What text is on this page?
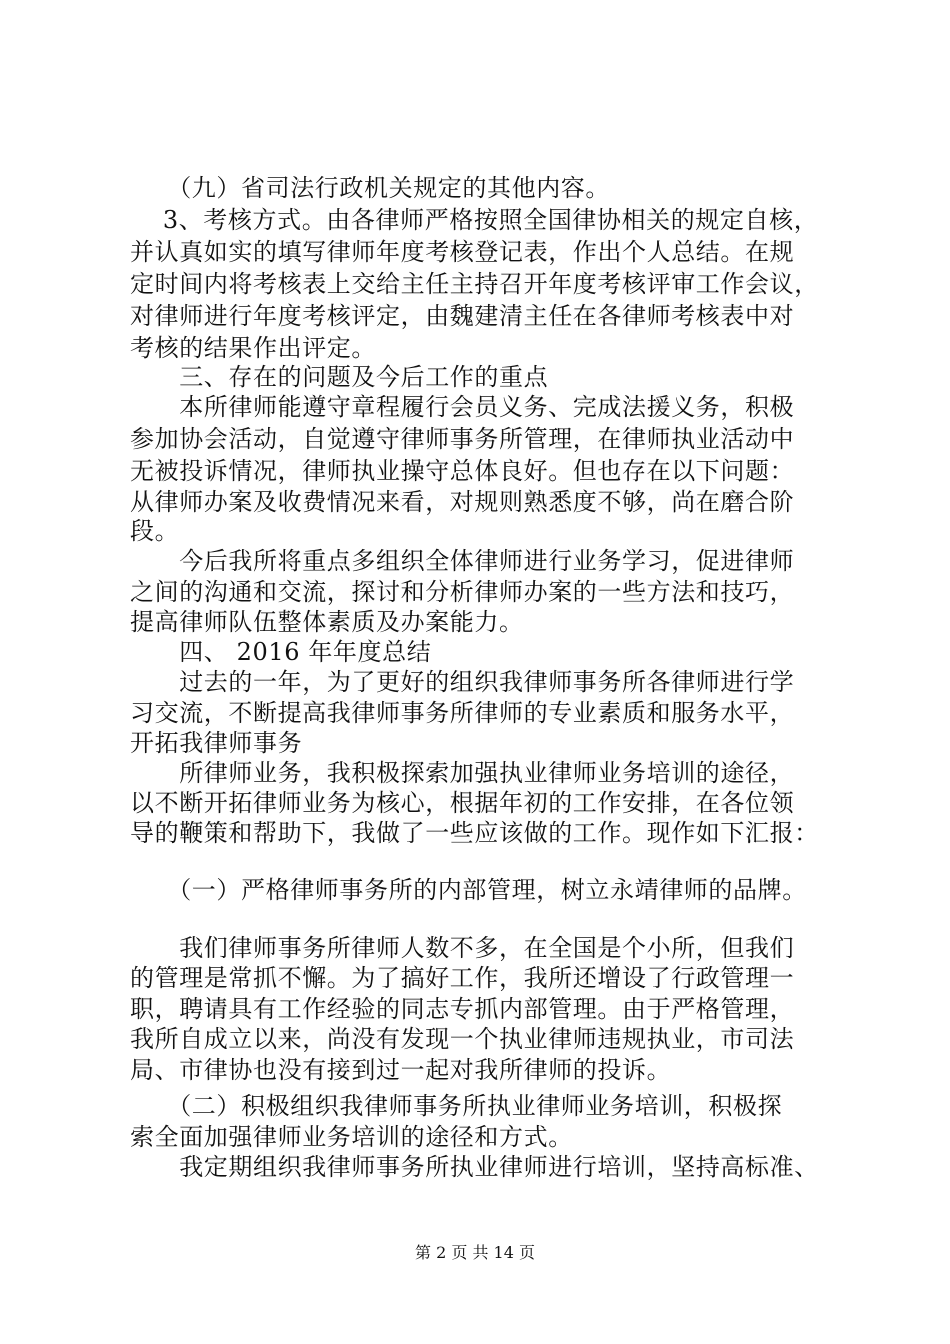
　　（九）省司法行政机关规定的其他内容。
　 3、考核方式。由各律师严格按照全国律协相关的规定自核，
并认真如实的填写律师年度考核登记表，作出个人总结。在规
定时间内将考核表上交给主任主持召开年度考核评审工作会议，
对律师进行年度考核评定，由魏建清主任在各律师考核表中对
考核的结果作出评定。
　　三、存在的问题及今后工作的重点
　　本所律师能遵守章程履行会员义务、完成法援义务，积极
参加协会活动，自觉遵守律师事务所管理，在律师执业活动中
无被投诉情况，律师执业操守总体良好。但也存在以下问题：
从律师办案及收费情况来看，对规则熟悉度不够，尚在磨合阶
段。
　　今后我所将重点多组织全体律师进行业务学习，促进律师
之间的沟通和交流，探讨和分析律师办案的一些方法和技巧，
提高律师队伍整体素质及办案能力。
　　四、 2016 年年度总结
　　过去的一年，为了更好的组织我律师事务所各律师进行学
习交流，不断提高我律师事务所律师的专业素质和服务水平，
开拓我律师事务
　　所律师业务，我积极探索加强执业律师业务培训的途径，
以不断开拓律师业务为核心，根据年初的工作安排，在各位领
导的鞭策和帮助下，我做了一些应该做的工作。现作如下汇报：
　　（一）严格律师事务所的内部管理，树立永靖律师的品牌。
　　我们律师事务所律师人数不多，在全国是个小所，但我们
的管理是常抓不懈。为了搞好工作，我所还增设了行政管理一
职，聘请具有工作经验的同志专抓内部管理。由于严格管理，
我所自成立以来，尚没有发现一个执业律师违规执业，市司法
局、市律协也没有接到过一起对我所律师的投诉。
　　（二）积极组织我律师事务所执业律师业务培训，积极探
索全面加强律师业务培训的途径和方式。
　　我定期组织我律师事务所执业律师进行培训，坚持高标准、
第 2 页 共 14 页
